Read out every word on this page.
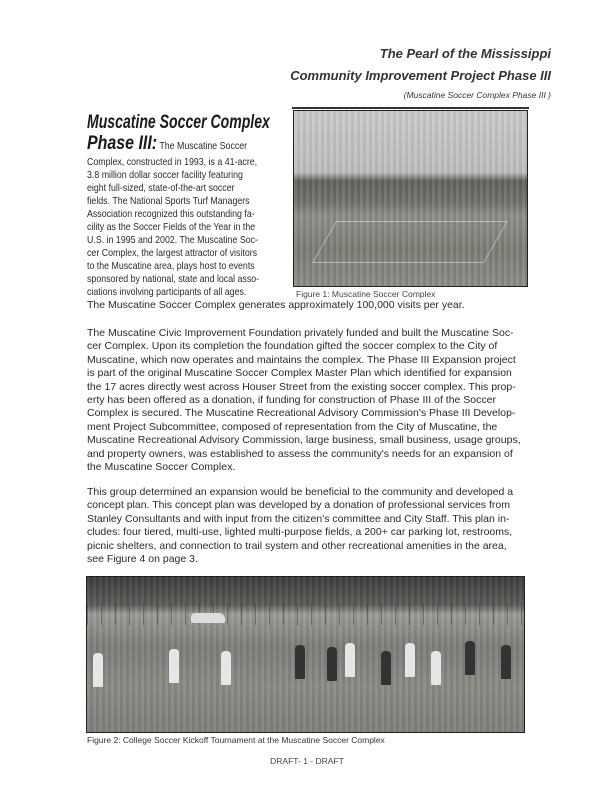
The Pearl of the Mississippi
Community Improvement Project Phase III
(Muscatine Soccer Complex Phase III )
Muscatine Soccer Complex
Phase III: The Muscatine Soccer
Complex, constructed in 1993, is a 41-acre,
3.8 million dollar soccer facility featuring
eight full-sized, state-of-the-art soccer
fields. The National Sports Turf Managers
Association recognized this outstanding fa-
cility as the Soccer Fields of the Year in the
U.S. in 1995 and 2002. The Muscatine Soc-
cer Complex, the largest attractor of visitors
to the Muscatine area, plays host to events
sponsored by national, state and local asso-
ciations involving participants of all ages.
The Muscatine Soccer Complex generates approximately 100,000 visits per year.
Figure 1: Muscatine Soccer Complex
The Muscatine Civic Improvement Foundation privately funded and built the Muscatine Soc-
cer Complex. Upon its completion the foundation gifted the soccer complex to the City of
Muscatine, which now operates and maintains the complex. The Phase III Expansion project
is part of the original Muscatine Soccer Complex Master Plan which identified for expansion
the 17 acres directly west across Houser Street from the existing soccer complex. This prop-
erty has been offered as a donation, if funding for construction of Phase III of the Soccer
Complex is secured. The Muscatine Recreational Advisory Commission's Phase III Develop-
ment Project Subcommittee, composed of representation from the City of Muscatine, the
Muscatine Recreational Advisory Commission, large business, small business, usage groups,
and property owners, was established to assess the community's needs for an expansion of
the Muscatine Soccer Complex.
This group determined an expansion would be beneficial to the community and developed a
concept plan. This concept plan was developed by a donation of professional services from
Stanley Consultants and with input from the citizen's committee and City Staff. This plan in-
cludes: four tiered, multi-use, lighted multi-purpose fields, a 200+ car parking lot, restrooms,
picnic shelters, and connection to trail system and other recreational amenities in the area,
see Figure 4 on page 3.
Figure 2: College Soccer Kickoff Tournament at the Muscatine Soccer Complex
DRAFT- 1 - DRAFT
